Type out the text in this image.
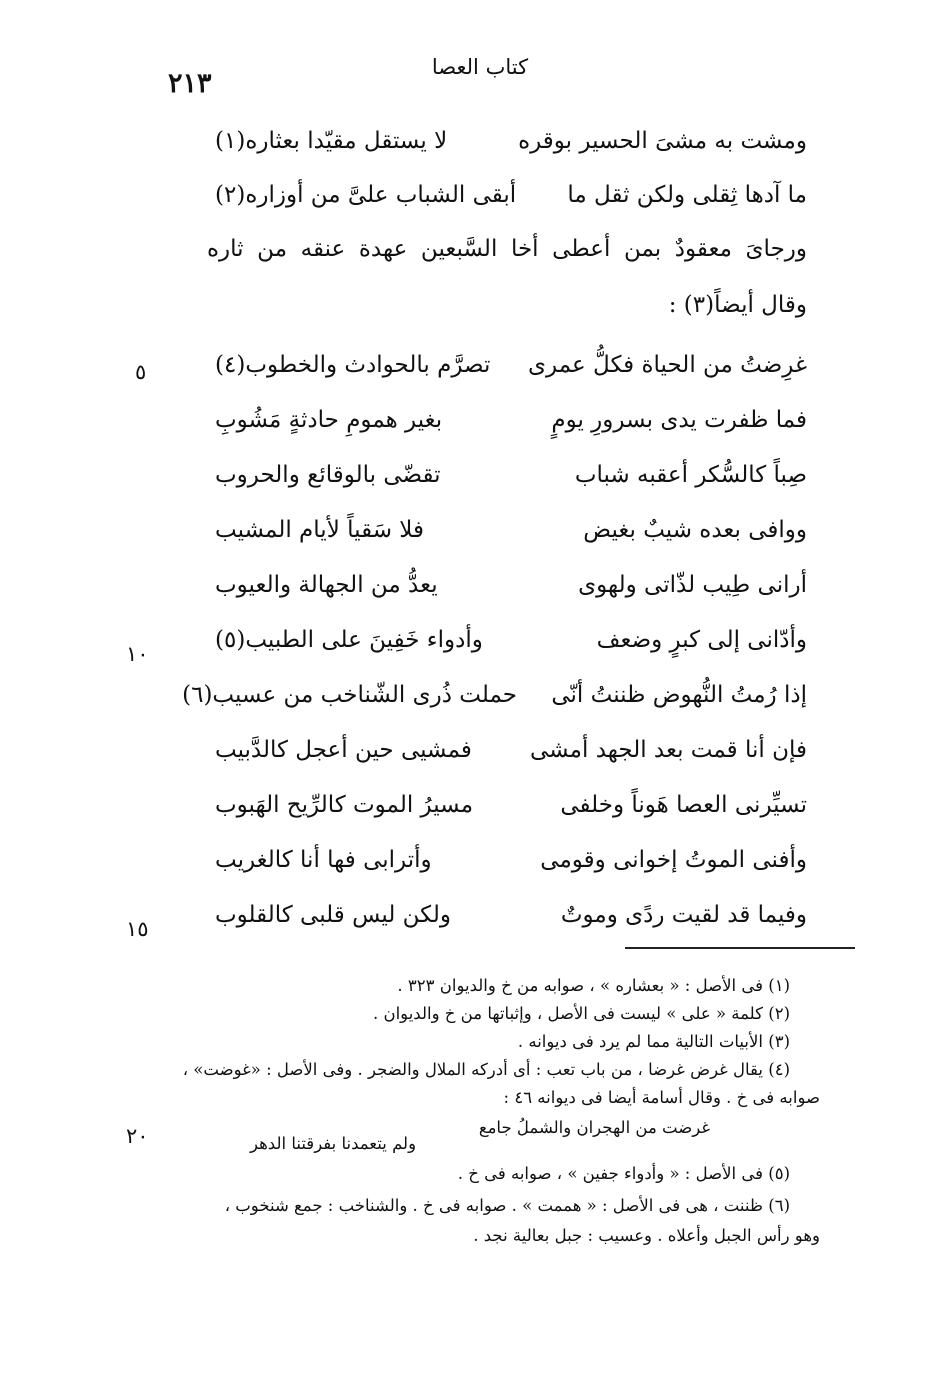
كتاب العصا
٢١٣
ومشت به مشىَ الحسير بوقره
لا يستقل مقيّدا بعثاره(١)
ما آدها ثِقلى ولكن ثقل ما
أبقى الشباب علىَّ من أوزاره(٢)
ورجاىَ معقودٌ بمن أعطى أخا السَّبعين عهدة عنقه من ثاره
وقال أيضاً(٣) :
غرِضتُ من الحياة فكلُّ عمرى
تصرَّم بالحوادث والخطوب(٤)
٥
فما ظفرت يدى بسرورِ يومٍ
بغير همومِ حادثةٍ مَشُوبِ
صِباً كالسُّكر أعقبه شباب
تقضّى بالوقائع والحروب
ووافى بعده شيبٌ بغيض
فلا سَقياً لأيام المشيب
أرانى طِيب لذّاتى ولهوى
يعدُّ من الجهالة والعيوب
وأدّانى إلى كبرٍ وضعف
وأدواء خَفِينَ على الطبيب(٥)
١٠
إذا رُمتُ النُّهوض ظننتُ أنّى
حملت ذُرى الشّناخب من عسيب(٦)
فإن أنا قمت بعد الجهد أمشى
فمشيى حين أعجل كالدَّبيب
تسيِّرنى العصا هَوناً وخلفى
مسيرُ الموت كالرِّيح الهَبوب
وأفنى الموتُ إخوانى وقومى
وأترابى فها أنا كالغريب
وفيما قد لقيت ردًى وموتٌ
ولكن ليس قلبى كالقلوب
١٥
(١) فى الأصل : « بعشاره » ، صوابه من خ والديوان ٣٢٣ .
(٢) كلمة « على » ليست فى الأصل ، وإثباتها من خ والديوان .
(٣) الأبيات التالية مما لم يرد فى ديوانه .
(٤) يقال غرض غرضا ، من باب تعب : أى أدركه الملال والضجر . وفى الأصل : «غوضت» ،
صوابه فى خ . وقال أسامة أيضا فى ديوانه ٤٦ :
غرضت من الهجران والشملُ جامع
ولم يتعمدنا بفرقتنا الدهر
(٥) فى الأصل : « وأدواء جفين » ، صوابه فى خ .
(٦) ظننت ، هى فى الأصل : « هممت » . صوابه فى خ . والشناخب : جمع شنخوب ،
وهو رأس الجبل وأعلاه . وعسيب : جبل بعالية نجد .
٢٠
